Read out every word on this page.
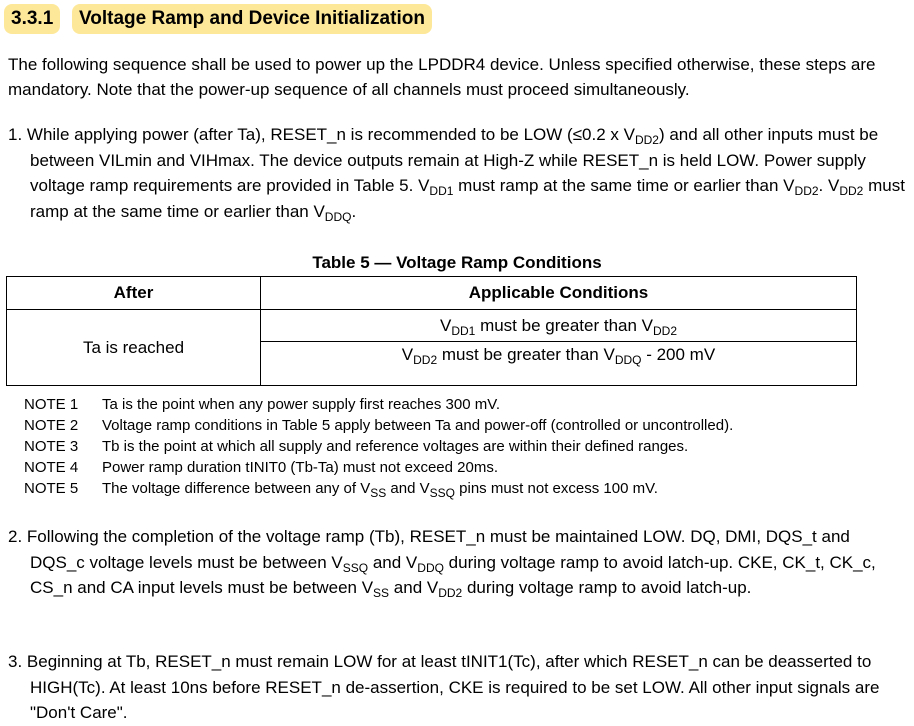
3.3.1	Voltage Ramp and Device Initialization
The following sequence shall be used to power up the LPDDR4 device. Unless specified otherwise, these steps are mandatory. Note that the power-up sequence of all channels must proceed simultaneously.
1. While applying power (after Ta), RESET_n is recommended to be LOW (≤0.2 x $V_{DD2}$) and all other inputs must be between VILmin and VIHmax. The device outputs remain at High-Z while RESET_n is held LOW. Power supply voltage ramp requirements are provided in Table 5. $V_{DD1}$ must ramp at the same time or earlier than $V_{DD2}$. $V_{DD2}$ must ramp at the same time or earlier than $V_{DDQ}$.
Table 5 — Voltage Ramp Conditions
After	Applicable Conditions
Ta is reached	$V_{DD1}$ must be greater than $V_{DD2}$
	$V_{DD2}$ must be greater than $V_{DDQ} - 200$ mV
NOTE 1	Ta is the point when any power supply first reaches 300 mV.
NOTE 2	Voltage ramp conditions in Table 5 apply between Ta and power-off (controlled or uncontrolled).
NOTE 3	Tb is the point at which all supply and reference voltages are within their defined ranges.
NOTE 4	Power ramp duration tINIT0 (Tb-Ta) must not exceed 20ms.
NOTE 5	The voltage difference between any of $V_{SS}$ and $V_{SSQ}$ pins must not excess 100 mV.
2. Following the completion of the voltage ramp (Tb), RESET_n must be maintained LOW. DQ, DMI, DQS_t and DQS_c voltage levels must be between $V_{SSQ}$ and $V_{DDQ}$ during voltage ramp to avoid latch-up. CKE, CK_t, CK_c, CS_n and CA input levels must be between $V_{SS}$ and $V_{DD2}$ during voltage ramp to avoid latch-up.
3. Beginning at Tb, RESET_n must remain LOW for at least tINIT1(Tc), after which RESET_n can be deasserted to HIGH(Tc). At least 10ns before RESET_n de-assertion, CKE is required to be set LOW. All other input signals are "Don't Care".
